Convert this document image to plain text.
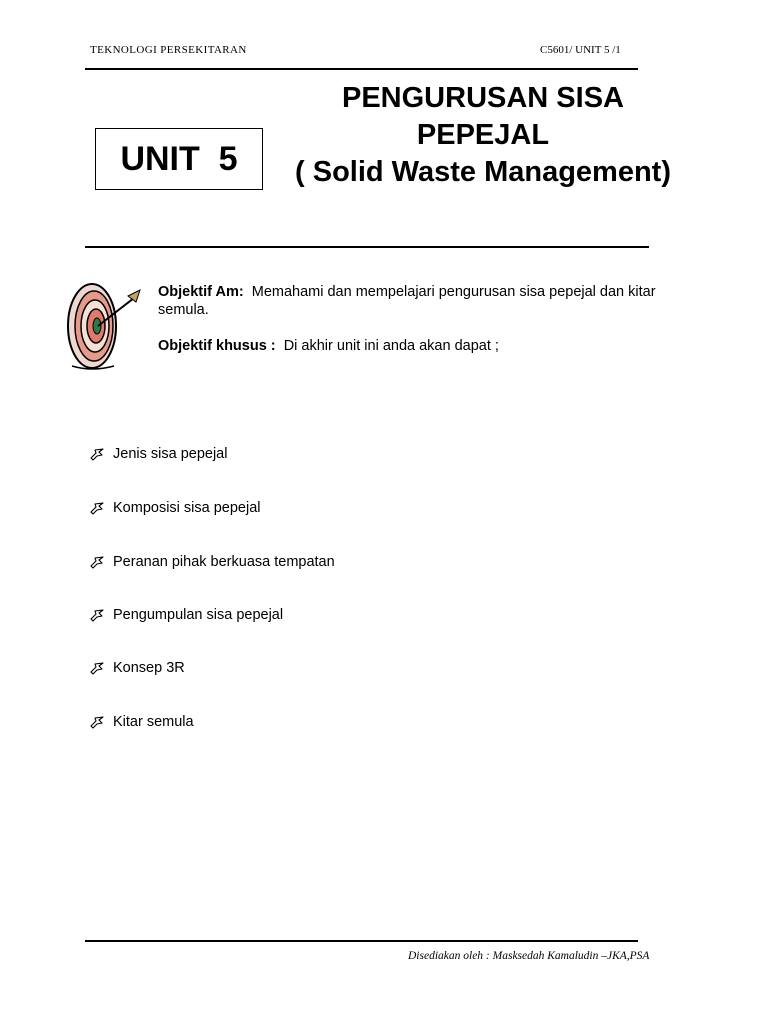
TEKNOLOGI PERSEKITARAN	C5601/ UNIT 5 /1
UNIT  5
PENGURUSAN SISA
PEPEJAL
( Solid Waste Management)
Objektif Am: Memahami dan mempelajari pengurusan sisa pepejal dan kitar semula.
Objektif khusus : Di akhir unit ini anda akan dapat ;
Jenis sisa pepejal
Komposisi sisa pepejal
Peranan pihak berkuasa tempatan
Pengumpulan sisa pepejal
Konsep 3R
Kitar semula
Disediakan oleh : Masksedah Kamaludin –JKA,PSA
